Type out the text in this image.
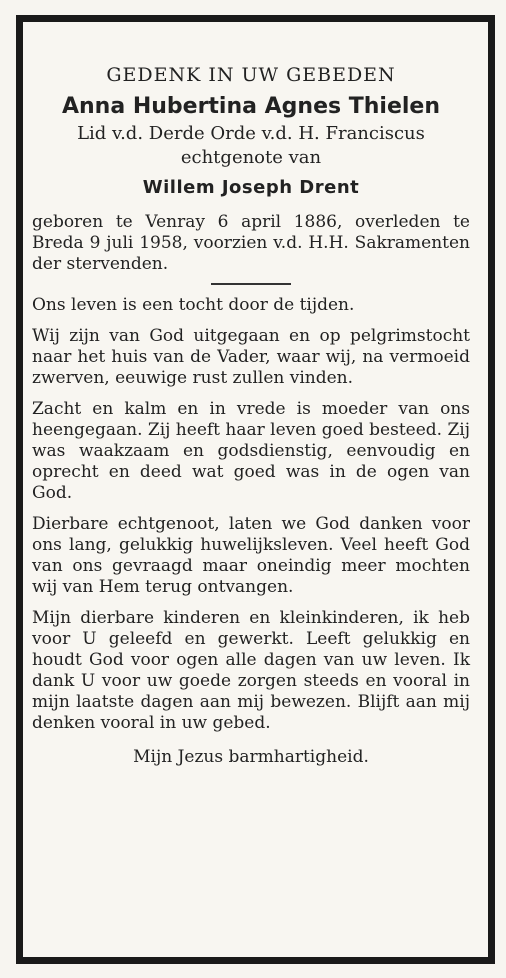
GEDENK IN UW GEBEDEN
Anna Hubertina Agnes Thielen
Lid v.d. Derde Orde v.d. H. Franciscus
echtgenote van
Willem Joseph Drent
geboren te Venray 6 april 1886, overleden te Breda 9 juli 1958, voorzien v.d. H.H. Sakramenten der stervenden.
Ons leven is een tocht door de tijden.
Wij zijn van God uitgegaan en op pelgrimstocht naar het huis van de Vader, waar wij, na vermoeid zwerven, eeuwige rust zullen vinden.
Zacht en kalm en in vrede is moeder van ons heengegaan. Zij heeft haar leven goed besteed. Zij was waakzaam en godsdienstig, eenvoudig en oprecht en deed wat goed was in de ogen van God.
Dierbare echtgenoot, laten we God danken voor ons lang, gelukkig huwelijksleven. Veel heeft God van ons gevraagd maar oneindig meer mochten wij van Hem terug ontvangen.
Mijn dierbare kinderen en kleinkinderen, ik heb voor U geleefd en gewerkt. Leeft gelukkig en houdt God voor ogen alle dagen van uw leven. Ik dank U voor uw goede zorgen steeds en vooral in mijn laatste dagen aan mij bewezen. Blijft aan mij denken vooral in uw gebed.
Mijn Jezus barmhartigheid.
